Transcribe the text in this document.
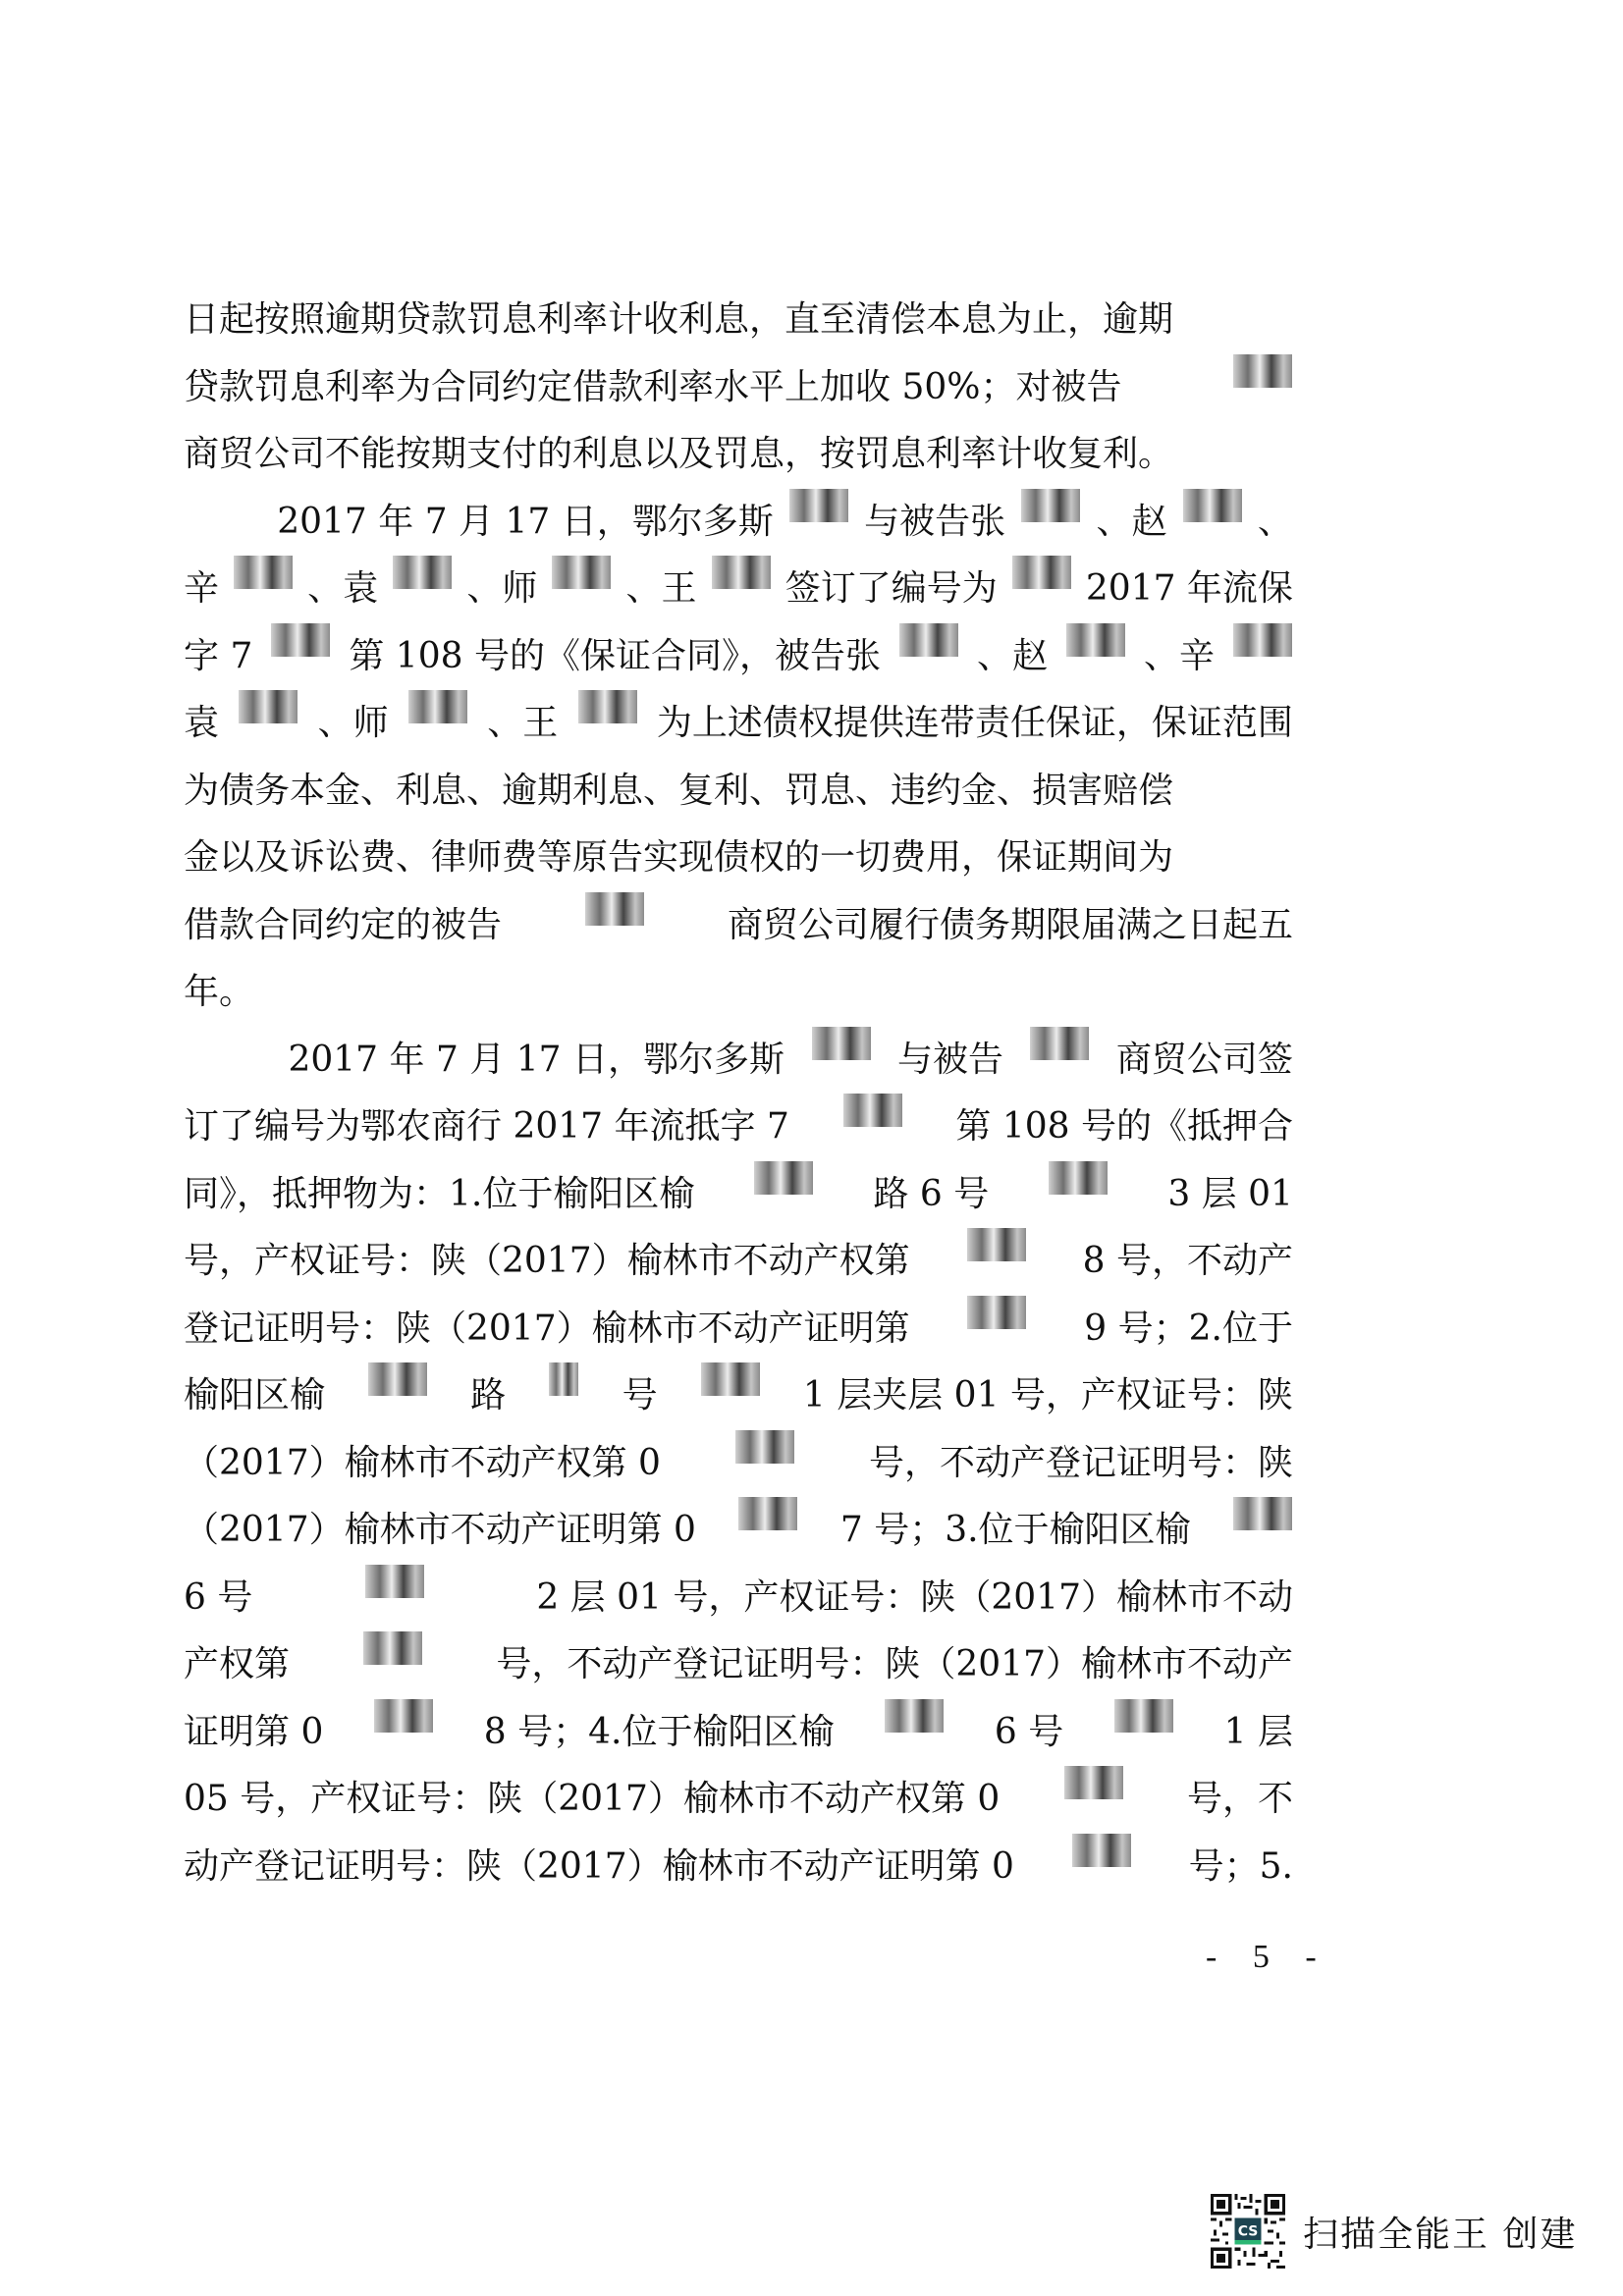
日起按照逾期贷款罚息利率计收利息，直至清偿本息为止，逾期
贷款罚息利率为合同约定借款利率水平上加收 50%；对被告
商贸公司不能按期支付的利息以及罚息，按罚息利率计收复利。
2017 年 7 月 17 日，鄂尔多斯	与被告张	、赵	、
辛	、袁	、师	、王	签订了编号为	2017 年流保
字 7	第 108 号的《保证合同》，被告张	、赵	、辛
袁	、师	、王	为上述债权提供连带责任保证，保证范围
为债务本金、利息、逾期利息、复利、罚息、违约金、损害赔偿
金以及诉讼费、律师费等原告实现债权的一切费用，保证期间为
借款合同约定的被告	商贸公司履行债务期限届满之日起五
年。
2017 年 7 月 17 日，鄂尔多斯	与被告	商贸公司签
订了编号为鄂农商行 2017 年流抵字 7	第 108 号的《抵押合
同》，抵押物为：1.位于榆阳区榆	路 6 号	3 层 01
号，产权证号：陕（2017）榆林市不动产权第	8 号，不动产
登记证明号：陕（2017）榆林市不动产证明第	9 号；2.位于
榆阳区榆	路	号	1 层夹层 01 号，产权证号：陕
（2017）榆林市不动产权第 0	号，不动产登记证明号：陕
（2017）榆林市不动产证明第 0	7 号；3.位于榆阳区榆
6 号	2 层 01 号，产权证号：陕（2017）榆林市不动
产权第	号，不动产登记证明号：陕（2017）榆林市不动产
证明第 0	8 号；4.位于榆阳区榆	6 号	1 层
05 号，产权证号：陕（2017）榆林市不动产权第 0	号，不
动产登记证明号：陕（2017）榆林市不动产证明第 0	号；5.
- 5 -
CS 扫描全能王 创建
